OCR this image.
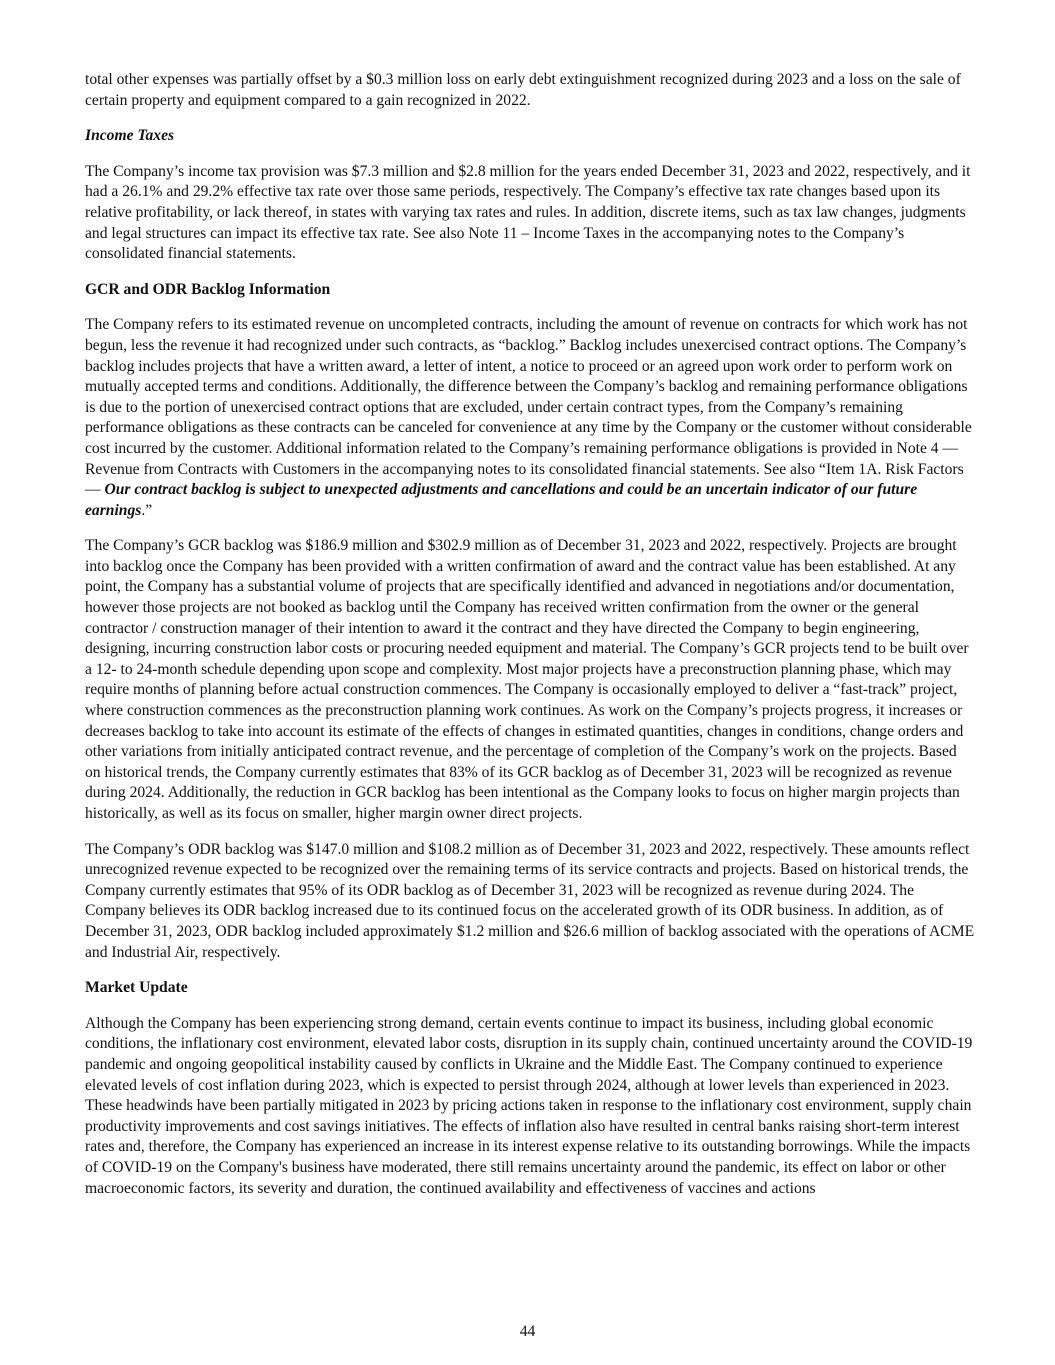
total other expenses was partially offset by a $0.3 million loss on early debt extinguishment recognized during 2023 and a loss on the sale of certain property and equipment compared to a gain recognized in 2022.

Income Taxes

The Company’s income tax provision was $7.3 million and $2.8 million for the years ended December 31, 2023 and 2022, respectively, and it had a 26.1% and 29.2% effective tax rate over those same periods, respectively. The Company’s effective tax rate changes based upon its relative profitability, or lack thereof, in states with varying tax rates and rules. In addition, discrete items, such as tax law changes, judgments and legal structures can impact its effective tax rate. See also Note 11 – Income Taxes in the accompanying notes to the Company’s consolidated financial statements.

GCR and ODR Backlog Information

The Company refers to its estimated revenue on uncompleted contracts, including the amount of revenue on contracts for which work has not begun, less the revenue it had recognized under such contracts, as “backlog.” Backlog includes unexercised contract options. The Company’s backlog includes projects that have a written award, a letter of intent, a notice to proceed or an agreed upon work order to perform work on mutually accepted terms and conditions. Additionally, the difference between the Company’s backlog and remaining performance obligations is due to the portion of unexercised contract options that are excluded, under certain contract types, from the Company’s remaining performance obligations as these contracts can be canceled for convenience at any time by the Company or the customer without considerable cost incurred by the customer. Additional information related to the Company’s remaining performance obligations is provided in Note 4 — Revenue from Contracts with Customers in the accompanying notes to its consolidated financial statements. See also “Item 1A. Risk Factors — Our contract backlog is subject to unexpected adjustments and cancellations and could be an uncertain indicator of our future earnings.”

The Company’s GCR backlog was $186.9 million and $302.9 million as of December 31, 2023 and 2022, respectively. Projects are brought into backlog once the Company has been provided with a written confirmation of award and the contract value has been established. At any point, the Company has a substantial volume of projects that are specifically identified and advanced in negotiations and/or documentation, however those projects are not booked as backlog until the Company has received written confirmation from the owner or the general contractor / construction manager of their intention to award it the contract and they have directed the Company to begin engineering, designing, incurring construction labor costs or procuring needed equipment and material. The Company’s GCR projects tend to be built over a 12- to 24-month schedule depending upon scope and complexity. Most major projects have a preconstruction planning phase, which may require months of planning before actual construction commences. The Company is occasionally employed to deliver a “fast-track” project, where construction commences as the preconstruction planning work continues. As work on the Company’s projects progress, it increases or decreases backlog to take into account its estimate of the effects of changes in estimated quantities, changes in conditions, change orders and other variations from initially anticipated contract revenue, and the percentage of completion of the Company’s work on the projects. Based on historical trends, the Company currently estimates that 83% of its GCR backlog as of December 31, 2023 will be recognized as revenue during 2024. Additionally, the reduction in GCR backlog has been intentional as the Company looks to focus on higher margin projects than historically, as well as its focus on smaller, higher margin owner direct projects.

The Company’s ODR backlog was $147.0 million and $108.2 million as of December 31, 2023 and 2022, respectively. These amounts reflect unrecognized revenue expected to be recognized over the remaining terms of its service contracts and projects. Based on historical trends, the Company currently estimates that 95% of its ODR backlog as of December 31, 2023 will be recognized as revenue during 2024. The Company believes its ODR backlog increased due to its continued focus on the accelerated growth of its ODR business. In addition, as of December 31, 2023, ODR backlog included approximately $1.2 million and $26.6 million of backlog associated with the operations of ACME and Industrial Air, respectively.

Market Update

Although the Company has been experiencing strong demand, certain events continue to impact its business, including global economic conditions, the inflationary cost environment, elevated labor costs, disruption in its supply chain, continued uncertainty around the COVID-19 pandemic and ongoing geopolitical instability caused by conflicts in Ukraine and the Middle East. The Company continued to experience elevated levels of cost inflation during 2023, which is expected to persist through 2024, although at lower levels than experienced in 2023. These headwinds have been partially mitigated in 2023 by pricing actions taken in response to the inflationary cost environment, supply chain productivity improvements and cost savings initiatives. The effects of inflation also have resulted in central banks raising short-term interest rates and, therefore, the Company has experienced an increase in its interest expense relative to its outstanding borrowings. While the impacts of COVID-19 on the Company's business have moderated, there still remains uncertainty around the pandemic, its effect on labor or other macroeconomic factors, its severity and duration, the continued availability and effectiveness of vaccines and actions

44
